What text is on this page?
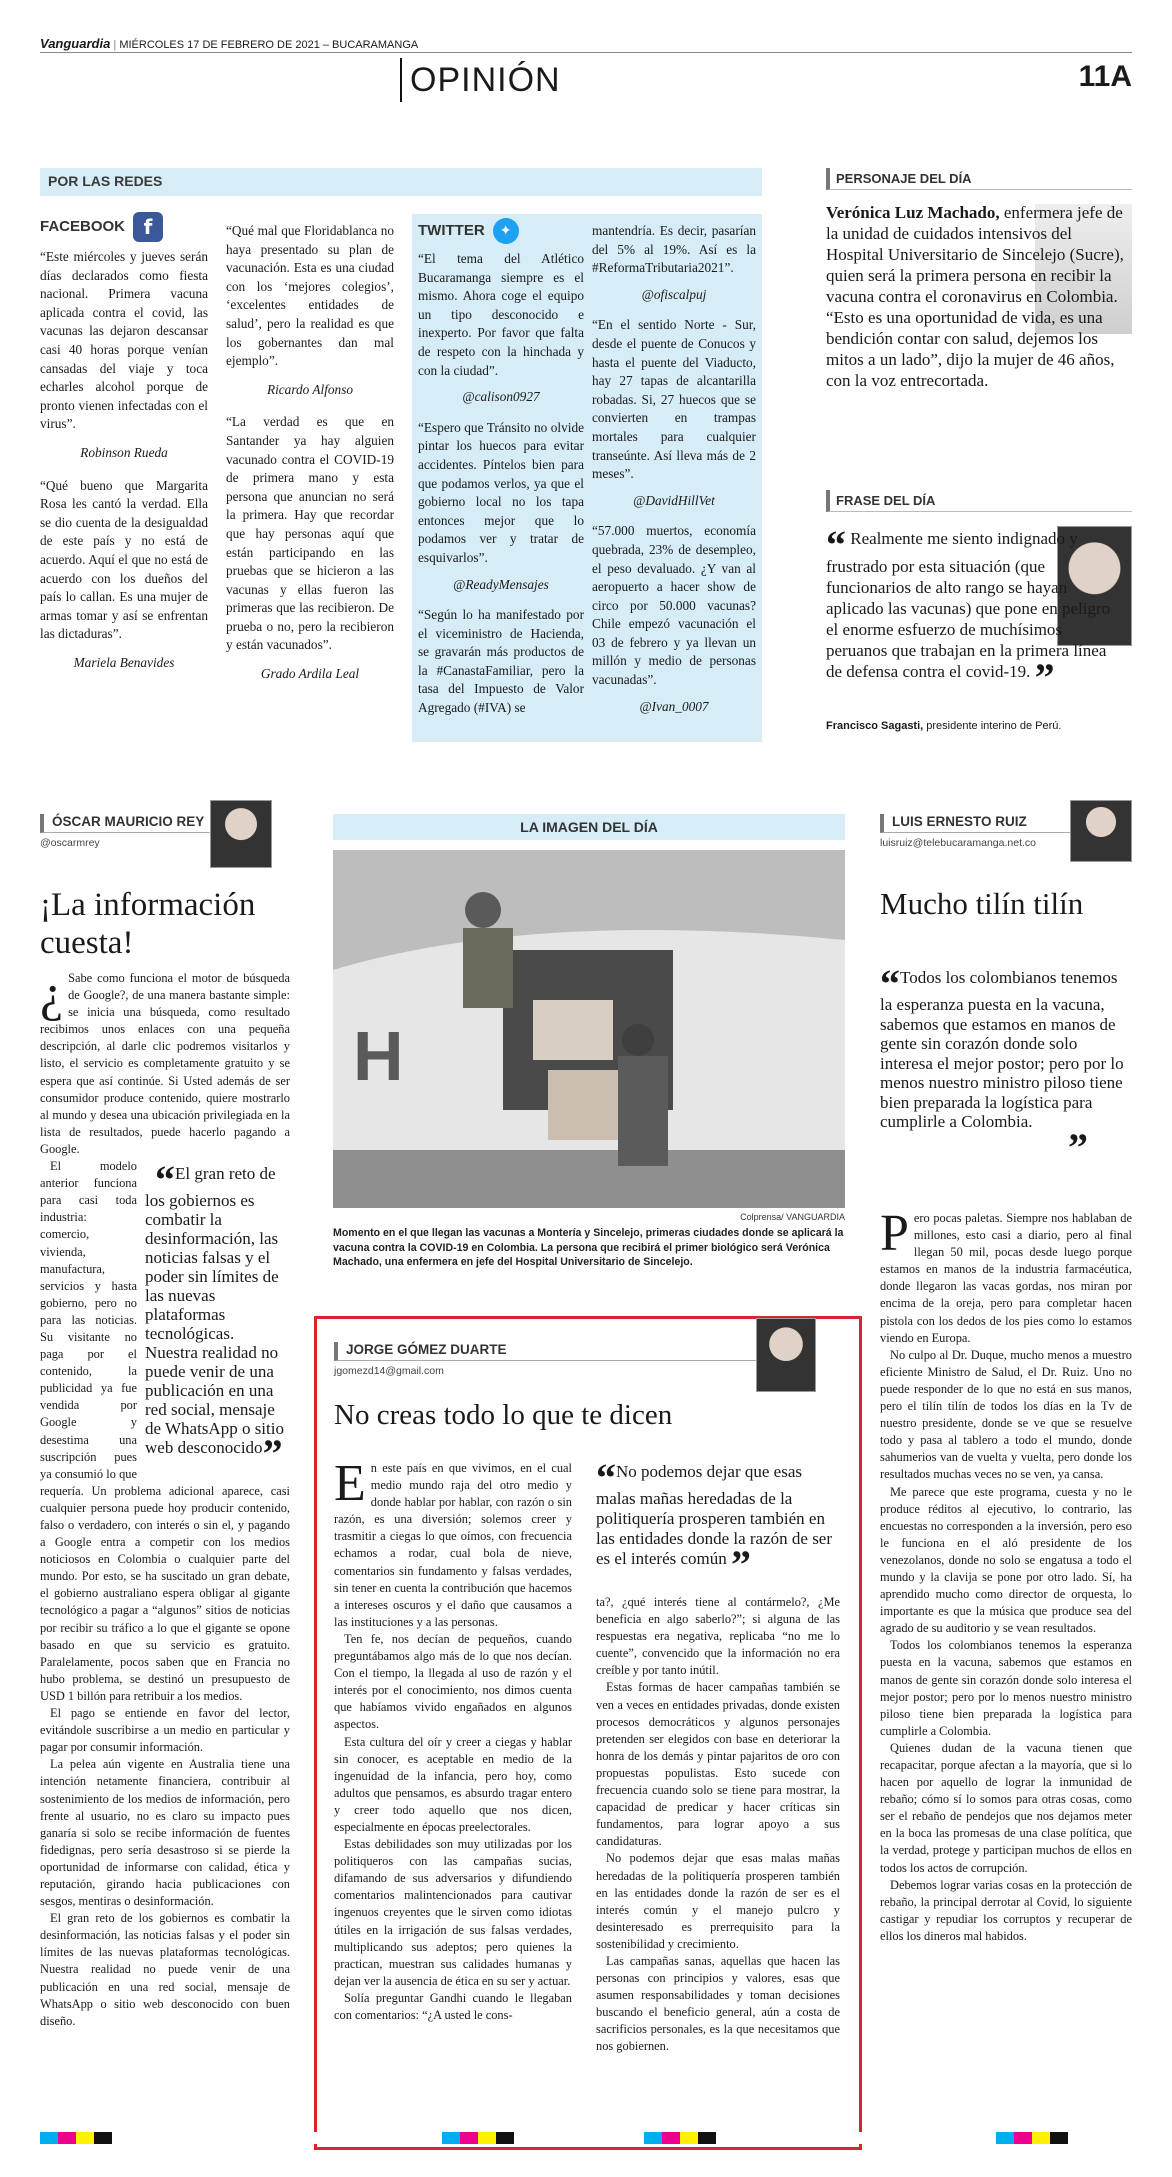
Vanguardia | MIÉRCOLES 17 DE FEBRERO DE 2021 – BUCARAMANGA
OPINIÓN	11A
POR LAS REDES
FACEBOOK f

“Este miércoles y jueves serán días declarados como fiesta nacional. Primera vacuna aplicada contra el covid, las vacunas las dejaron descansar casi 40 horas porque venían cansadas del viaje y toca echarles alcohol porque de pronto vienen infectadas con el virus”.

Robinson Rueda

“Qué bueno que Margarita Rosa les cantó la verdad. Ella se dio cuenta de la desigualdad de este país y no está de acuerdo. Aquí el que no está de acuerdo con los dueños del país lo callan. Es una mujer de armas tomar y así se enfrentan las dictaduras”.

Mariela Benavides

“Qué mal que Floridablanca no haya presentado su plan de vacunación. Esta es una ciudad con los ‘mejores colegios’, ‘excelentes entidades de salud’, pero la realidad es que los gobernantes dan mal ejemplo”.

Ricardo Alfonso

“La verdad es que en Santander ya hay alguien vacunado contra el COVID-19 de primera mano y esta persona que anuncian no será la primera. Hay que recordar que hay personas aquí que están participando en las pruebas que se hicieron a las vacunas y ellas fueron las primeras que las recibieron. De prueba o no, pero la recibieron y están vacunados”.

Grado Ardila Leal
TWITTER	✦

“El tema del Atlético Bucaramanga siempre es el mismo. Ahora coge el equipo un tipo desconocido e inexperto. Por favor que falta de respeto con la hinchada y con la ciudad”.

@calison0927

“Espero que Tránsito no olvide pintar los huecos para evitar accidentes. Píntelos bien para que podamos verlos, ya que el gobierno local no los tapa entonces mejor que lo podamos ver y tratar de esquivarlos”.

@ReadyMensajes

“Según lo ha manifestado por el viceministro de Hacienda, se gravarán más productos de la #CanastaFamiliar, pero la tasa del Impuesto de Valor Agregado (#IVA) se

mantendría. Es decir, pasarían del 5% al 19%. Así es la #ReformaTributaria2021”.

@ofiscalpuj

“En el sentido Norte - Sur, desde el puente de Conucos y hasta el puente del Viaducto, hay 27 tapas de alcantarilla robadas. Si, 27 huecos que se convierten en trampas mortales para cualquier transeúnte. Así lleva más de 2 meses”.

@DavidHillVet

“57.000 muertos, economía quebrada, 23% de desempleo, el peso devaluado. ¿Y van al aeropuerto a hacer show de circo por 50.000 vacunas? Chile empezó vacunación el 03 de febrero y ya llevan un millón y medio de personas vacunadas”.

@Ivan_0007
PERSONAJE DEL DÍA
Verónica Luz Machado, enfermera jefe de la unidad de cuidados intensivos del Hospital Universitario de Sincelejo (Sucre), quien será la primera persona en recibir la vacuna contra el coronavirus en Colombia. “Esto es una oportunidad de vida, es una bendición contar con salud, dejemos los mitos a un lado”, dijo la mujer de 46 años, con la voz entrecortada.
FRASE DEL DÍA
“ Realmente me siento indignado y frustrado por esta situación (que funcionarios de alto rango se hayan aplicado las vacunas) que pone en peligro el enorme esfuerzo de muchísimos peruanos que trabajan en la primera línea de defensa contra el covid-19. ”
Francisco Sagasti, presidente interino de Perú.
ÓSCAR MAURICIO REY
@oscarmrey
¡La información cuesta!

¿ Sabe como funciona el motor de búsqueda de Google?, de una manera bastante simple: se inicia una búsqueda, como resultado recibimos unos enlaces con una pequeña descripción, al darle clic podremos visitarlos y listo, el servicio es completamente gratuito y se espera que así continúe. Si Usted además de ser consumidor produce contenido, quiere mostrarlo al mundo y desea una ubicación privilegiada en la lista de resultados, puede hacerlo pagando a Google.

“El gran reto de los gobiernos es combatir la desinformación, las noticias falsas y el poder sin límites de las nuevas plataformas tecnológicas. Nuestra realidad no puede venir de una publicación en una red social, mensaje de WhatsApp o sitio web desconocido”
El modelo anterior funciona para casi toda industria: comercio, vivienda, manufactura, servicios y hasta gobierno, pero no para las noticias. Su visitante no paga por el contenido, la publicidad ya fue vendida por Google y desestima una suscripción pues ya consumió lo que requería. Un problema adicional aparece, casi cualquier persona puede hoy producir contenido, falso o verdadero, con interés o sin el, y pagando a Google entra a competir con los medios noticiosos en Colombia o cualquier parte del mundo. Por esto, se ha suscitado un gran debate, el gobierno australiano espera obligar al gigante tecnológico a pagar a “algunos” sitios de noticias por recibir su tráfico a lo que el gigante se opone basado en que su servicio es gratuito. Paralelamente, pocos saben que en Francia no hubo problema, se destinó un presupuesto de USD 1 billón para retribuir a los medios.

El pago se entiende en favor del lector, evitándole suscribirse a un medio en particular y pagar por consumir información.

La pelea aún vigente en Australia tiene una intención netamente financiera, contribuir al sostenimiento de los medios de información, pero frente al usuario, no es claro su impacto pues ganaría si solo se recibe información de fuentes fidedignas, pero sería desastroso si se pierde la oportunidad de informarse con calidad, ética y reputación, girando hacia publicaciones con sesgos, mentiras o desinformación.

El gran reto de los gobiernos es combatir la desinformación, las noticias falsas y el poder sin límites de las nuevas plataformas tecnológicas. Nuestra realidad no puede venir de una publicación en una red social, mensaje de WhatsApp o sitio web desconocido con buen diseño.

LA IMAGEN DEL DÍA
H
Colprensa/ VANGUARDIA
Momento en el que llegan las vacunas a Montería y Sincelejo, primeras ciudades donde se aplicará la vacuna contra la COVID-19 en Colombia. La persona que recibirá el primer biológico será Verónica Machado, una enfermera en jefe del Hospital Universitario de Sincelejo.
LUIS ERNESTO RUIZ
luisruiz@telebucaramanga.net.co
Mucho tilín tilín
“Todos los colombianos tenemos la esperanza puesta en la vacuna, sabemos que estamos en manos de gente sin corazón donde solo interesa el mejor postor; pero por lo menos nuestro ministro piloso tiene bien preparada la logística para cumplirle a Colombia.
”

Pero pocas paletas. Siempre nos hablaban de millones, esto casi a diario, pero al final llegan 50 mil, pocas desde luego porque estamos en manos de la industria farmacéutica, donde llegaron las vacas gordas, nos miran por encima de la oreja, pero para completar hacen pistola con los dedos de los pies como lo estamos viendo en Europa.

No culpo al Dr. Duque, mucho menos a muestro eficiente Ministro de Salud, el Dr. Ruiz. Uno no puede responder de lo que no está en sus manos, pero el tilín tilín de todos los días en la Tv de nuestro presidente, donde se ve que se resuelve todo y pasa al tablero a todo el mundo, donde sahumerios van de vuelta y vuelta, pero donde los resultados muchas veces no se ven, ya cansa.

Me parece que este programa, cuesta y no le produce réditos al ejecutivo, lo contrario, las encuestas no corresponden a la inversión, pero eso le funciona en el aló presidente de los venezolanos, donde no solo se engatusa a todo el mundo y la clavija se pone por otro lado. Sí, ha aprendido mucho como director de orquesta, lo importante es que la música que produce sea del agrado de su auditorio y se vean resultados.

Todos los colombianos tenemos la esperanza puesta en la vacuna, sabemos que estamos en manos de gente sin corazón donde solo interesa el mejor postor; pero por lo menos nuestro ministro piloso tiene bien preparada la logística para cumplirle a Colombia.

Quienes dudan de la vacuna tienen que recapacitar, porque afectan a la mayoría, que si lo hacen por aquello de lograr la inmunidad de rebaño; cómo sí lo somos para otras cosas, como ser el rebaño de pendejos que nos dejamos meter en la boca las promesas de una clase política, que la verdad, protege y participan muchos de ellos en todos los actos de corrupción.

Debemos lograr varias cosas en la protección de rebaño, la principal derrotar al Covid, lo siguiente castigar y repudiar los corruptos y recuperar de ellos los dineros mal habidos.

JORGE GÓMEZ DUARTE
jgomezd14@gmail.com
No creas todo lo que te dicen

En este país en que vivimos, en el cual medio mundo raja del otro medio y donde hablar por hablar, con razón o sin razón, es una diversión; solemos creer y trasmitir a ciegas lo que oímos, con frecuencia echamos a rodar, cual bola de nieve, comentarios sin fundamento y falsas verdades, sin tener en cuenta la contribución que hacemos a intereses oscuros y el daño que causamos a las instituciones y a las personas.

Ten fe, nos decían de pequeños, cuando preguntábamos algo más de lo que nos decían. Con el tiempo, la llegada al uso de razón y el interés por el conocimiento, nos dimos cuenta que habíamos vivido engañados en algunos aspectos.

Esta cultura del oír y creer a ciegas y hablar sin conocer, es aceptable en medio de la ingenuidad de la infancia, pero hoy, como adultos que pensamos, es absurdo tragar entero y creer todo aquello que nos dicen, especialmente en épocas preelectorales.

Estas debilidades son muy utilizadas por los politiqueros con las campañas sucias, difamando de sus adversarios y difundiendo comentarios malintencionados para cautivar ingenuos creyentes que le sirven como idiotas útiles en la irrigación de sus falsas verdades, multiplicando sus adeptos; pero quienes la practican, muestran sus calidades humanas y dejan ver la ausencia de ética en su ser y actuar.

Solía preguntar Gandhi cuando le llegaban con comentarios: “¿A usted le cons-

“No podemos dejar que esas malas mañas heredadas de la politiquería prosperen también en las entidades donde la razón de ser es el interés común ”

ta?, ¿qué interés tiene al contármelo?, ¿Me beneficia en algo saberlo?”; si alguna de las respuestas era negativa, replicaba “no me lo cuente”, convencido que la información no era creíble y por tanto inútil.

Estas formas de hacer campañas también se ven a veces en entidades privadas, donde existen procesos democráticos y algunos personajes pretenden ser elegidos con base en deteriorar la honra de los demás y pintar pajaritos de oro con propuestas populistas. Esto sucede con frecuencia cuando solo se tiene para mostrar, la capacidad de predicar y hacer críticas sin fundamentos, para lograr apoyo a sus candidaturas.

No podemos dejar que esas malas mañas heredadas de la politiquería prosperen también en las entidades donde la razón de ser es el interés común y el manejo pulcro y desinteresado es prerrequisito para la sostenibilidad y crecimiento.

Las campañas sanas, aquellas que hacen las personas con principios y valores, esas que asumen responsabilidades y toman decisiones buscando el beneficio general, aún a costa de sacrificios personales, es la que necesitamos que nos gobiernen.
